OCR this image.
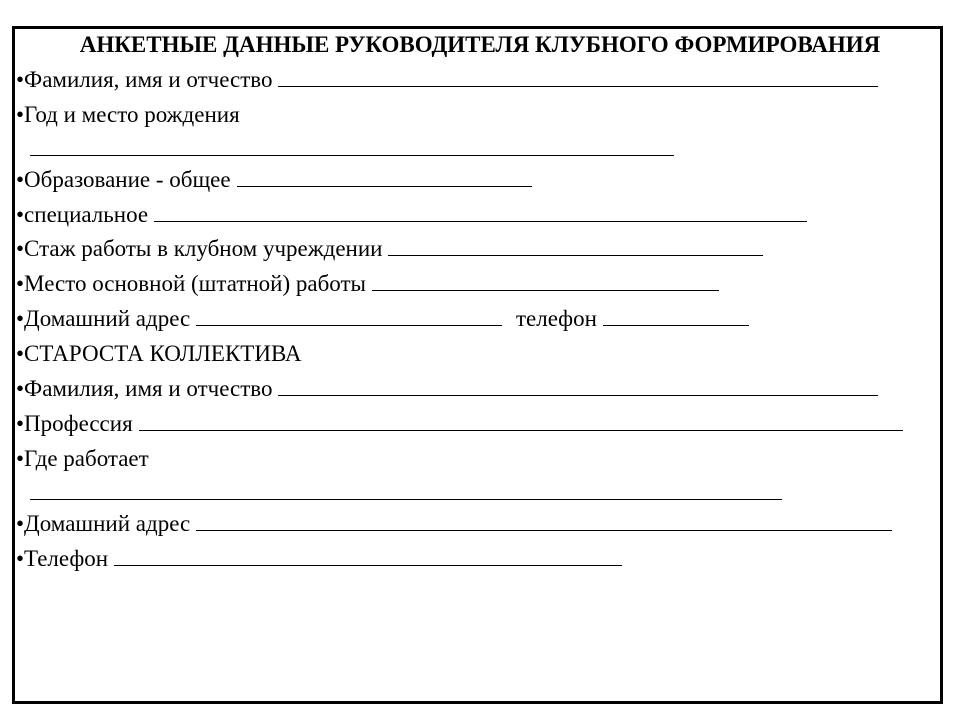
АНКЕТНЫЕ ДАННЫЕ РУКОВОДИТЕЛЯ КЛУБНОГО ФОРМИРОВАНИЯ
•Фамилия, имя и отчество
•Год и место рождения
•Образование - общее
•специальное
•Стаж работы в клубном учреждении
•Место основной (штатной) работы
•Домашний адрес	телефон
•СТАРОСТА КОЛЛЕКТИВА
•Фамилия, имя и отчество
•Профессия
•Где работает
•Домашний адрес
•Телефон
